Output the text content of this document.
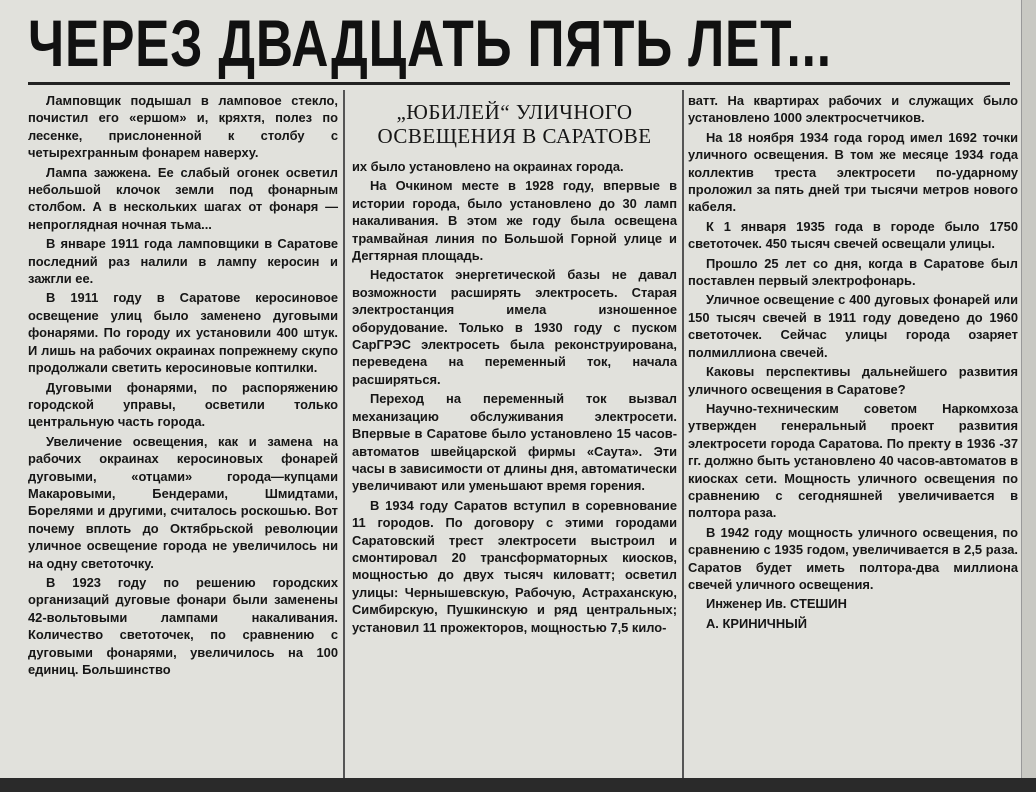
ЧЕРЕЗ ДВАДЦАТЬ ПЯТЬ ЛЕТ...

Ламповщик подышал в ламповое стекло, почистил его «ершом» и, кряхтя, полез по лесенке, прислоненной к столбу с четырехгранным фонарем наверху.

Лампа зажжена. Ее слабый огонек осветил небольшой клочок земли под фонарным столбом. А в нескольких шагах от фонаря — непроглядная ночная тьма...

В январе 1911 года ламповщики в Саратове последний раз налили в лампу керосин и зажгли ее.

В 1911 году в Саратове керосиновое освещение улиц было заменено дуговыми фонарями. По городу их установили 400 штук. И лишь на рабочих окраинах попрежнему скупо продолжали светить керосиновые коптилки.

Дуговыми фонарями, по распоряжению городской управы, осветили только центральную часть города.

Увеличение освещения, как и замена на рабочих окраинах керосиновых фонарей дуговыми, «отцами» города—купцами Макаровыми, Бендерами, Шмидтами, Борелями и другими, считалось роскошью. Вот почему вплоть до Октябрьской революции уличное освещение города не увеличилось ни на одну светоточку.

В 1923 году по решению городских организаций дуговые фонари были заменены 42-вольтовыми лампами накаливания. Количество светоточек, по сравнению с дуговыми фонарями, увеличилось на 100 единиц. Большинство

„ЮБИЛЕЙ“ УЛИЧНОГО
ОСВЕЩЕНИЯ В САРАТОВЕ

их было установлено на окраинах города.

На Очкином месте в 1928 году, впервые в истории города, было установлено до 30 ламп накаливания. В этом же году была освещена трамвайная линия по Большой Горной улице и Дегтярная площадь.

Недостаток энергетической базы не давал возможности расширять электросеть. Старая электростанция имела изношенное оборудование. Только в 1930 году с пуском СарГРЭС электросеть была реконструирована, переведена на переменный ток, начала расширяться.

Переход на переменный ток вызвал механизацию обслуживания электросети. Впервые в Саратове было установлено 15 часов-автоматов швейцарской фирмы «Саута». Эти часы в зависимости от длины дня, автоматически увеличивают или уменьшают время горения.

В 1934 году Саратов вступил в соревнование 11 городов. По договору с этими городами Саратовский трест электросети выстроил и смонтировал 20 трансформаторных киосков, мощностью до двух тысяч киловатт; осветил улицы: Чернышевскую, Рабочую, Астраханскую, Симбирскую, Пушкинскую и ряд центральных; установил 11 прожекторов, мощностью 7,5 кило-

ватт. На квартирах рабочих и служащих было установлено 1000 электросчетчиков.

На 18 ноября 1934 года город имел 1692 точки уличного освещения. В том же месяце 1934 года коллектив треста электросети по-ударному проложил за пять дней три тысячи метров нового кабеля.

К 1 января 1935 года в городе было 1750 светоточек. 450 тысяч свечей освещали улицы.

Прошло 25 лет со дня, когда в Саратове был поставлен первый электрофонарь.

Уличное освещение с 400 дуговых фонарей или 150 тысяч свечей в 1911 году доведено до 1960 светоточек. Сейчас улицы города озаряет полмиллиона свечей.

Каковы перспективы дальнейшего развития уличного освещения в Саратове?

Научно-техническим советом Наркомхоза утвержден генеральный проект развития электросети города Саратова. По пректу в 1936 -37 гг. должно быть установлено 40 часов-автоматов в киосках сети. Мощность уличного освещения по сравнению с сегодняшней увеличивается в полтора раза.

В 1942 году мощность уличного освещения, по сравнению с 1935 годом, увеличивается в 2,5 раза. Саратов будет иметь полтора-два миллиона свечей уличного освещения.

Инженер Ив. СТЕШИН

А. КРИНИЧНЫЙ
